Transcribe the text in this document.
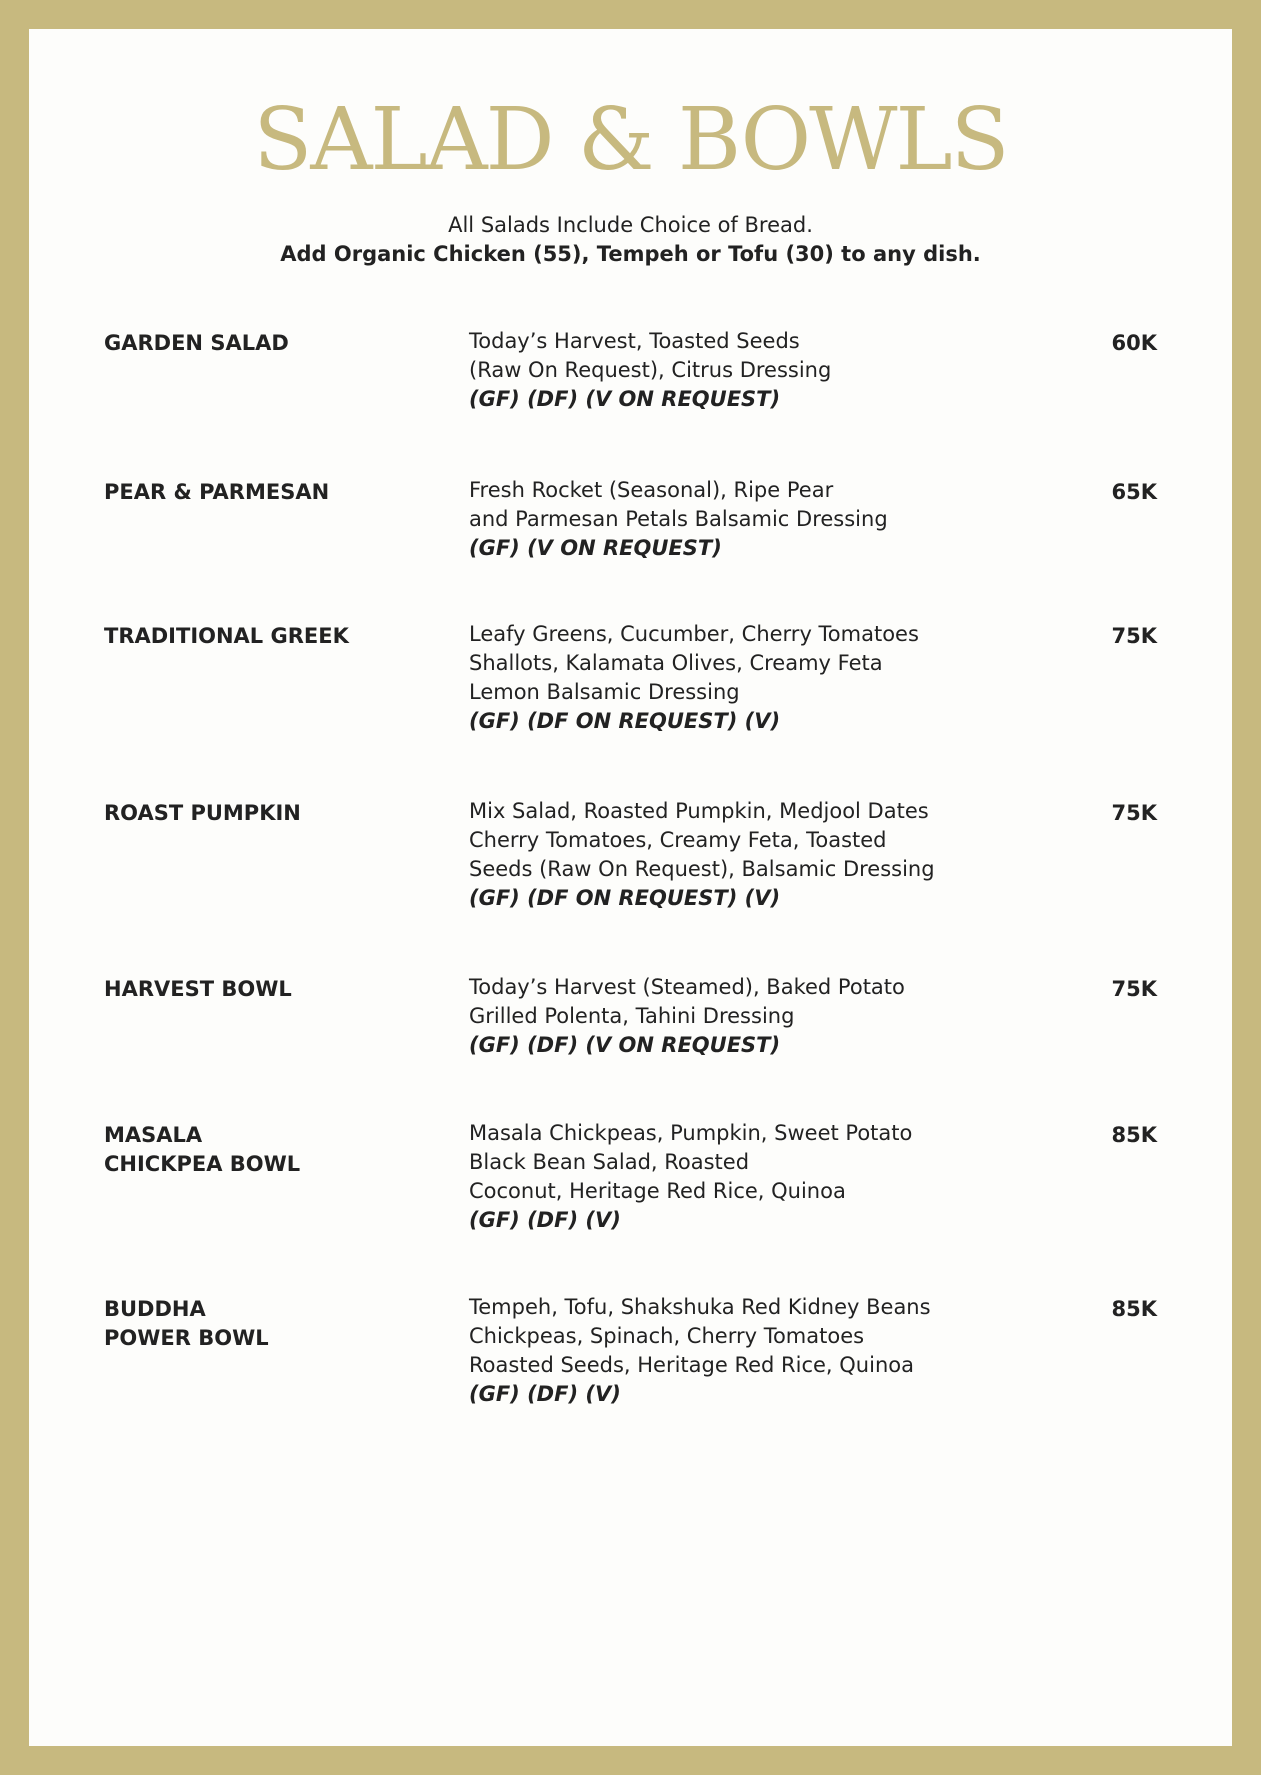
SALAD & BOWLS
All Salads Include Choice of Bread.
Add Organic Chicken (55), Tempeh or Tofu (30) to any dish.
GARDEN SALAD	Today’s Harvest, Toasted Seeds
(Raw On Request), Citrus Dressing
(GF) (DF) (V ON REQUEST)
60K
PEAR & PARMESAN	Fresh Rocket (Seasonal), Ripe Pear
and Parmesan Petals Balsamic Dressing
(GF) (V ON REQUEST)
65K
TRADITIONAL GREEK	Leafy Greens, Cucumber, Cherry Tomatoes
Shallots, Kalamata Olives, Creamy Feta
Lemon Balsamic Dressing
(GF) (DF ON REQUEST) (V)
75K
ROAST PUMPKIN	Mix Salad, Roasted Pumpkin, Medjool Dates
Cherry Tomatoes, Creamy Feta, Toasted
Seeds (Raw On Request), Balsamic Dressing
(GF) (DF ON REQUEST) (V)
75K
HARVEST BOWL	Today’s Harvest (Steamed), Baked Potato
Grilled Polenta, Tahini Dressing
(GF) (DF) (V ON REQUEST)
75K
MASALA
CHICKPEA BOWL
Masala Chickpeas, Pumpkin, Sweet Potato
Black Bean Salad, Roasted
Coconut, Heritage Red Rice, Quinoa
(GF) (DF) (V)
85K
BUDDHA
POWER BOWL
Tempeh, Tofu, Shakshuka Red Kidney Beans
Chickpeas, Spinach, Cherry Tomatoes
Roasted Seeds, Heritage Red Rice, Quinoa
(GF) (DF) (V)
85K
